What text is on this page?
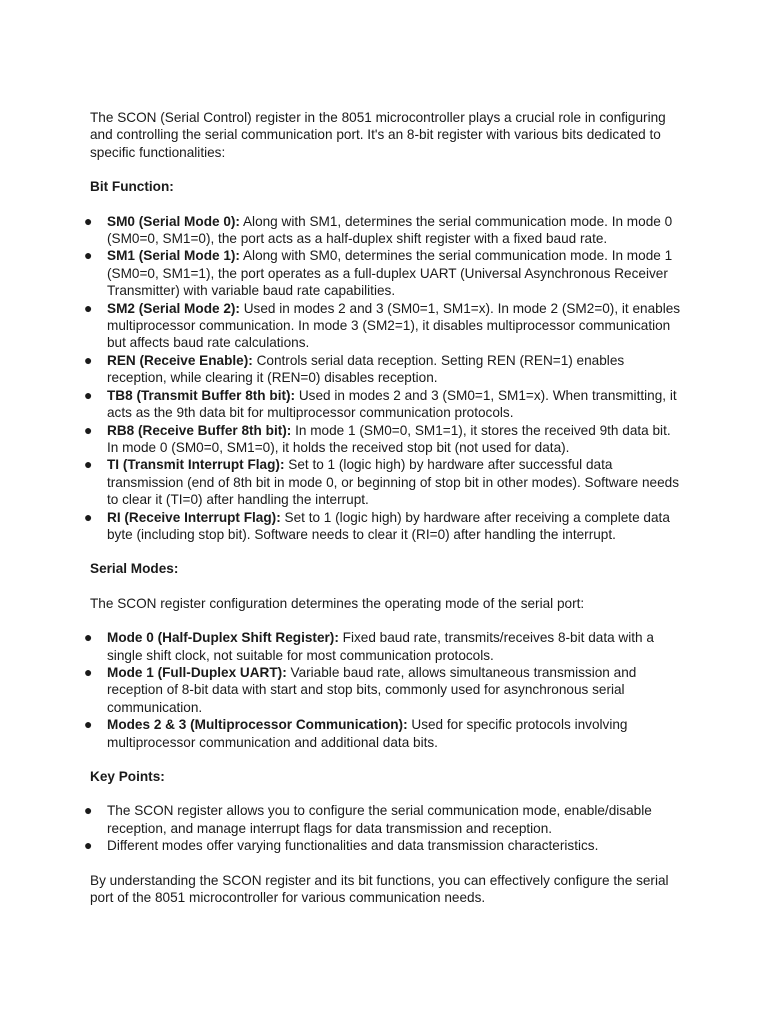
The SCON (Serial Control) register in the 8051 microcontroller plays a crucial role in configuring and controlling the serial communication port. It's an 8-bit register with various bits dedicated to specific functionalities:

Bit Function:

● SM0 (Serial Mode 0): Along with SM1, determines the serial communication mode. In mode 0 (SM0=0, SM1=0), the port acts as a half-duplex shift register with a fixed baud rate.
● SM1 (Serial Mode 1): Along with SM0, determines the serial communication mode. In mode 1 (SM0=0, SM1=1), the port operates as a full-duplex UART (Universal Asynchronous Receiver Transmitter) with variable baud rate capabilities.
● SM2 (Serial Mode 2): Used in modes 2 and 3 (SM0=1, SM1=x). In mode 2 (SM2=0), it enables multiprocessor communication. In mode 3 (SM2=1), it disables multiprocessor communication but affects baud rate calculations.
● REN (Receive Enable): Controls serial data reception. Setting REN (REN=1) enables reception, while clearing it (REN=0) disables reception.
● TB8 (Transmit Buffer 8th bit): Used in modes 2 and 3 (SM0=1, SM1=x). When transmitting, it acts as the 9th data bit for multiprocessor communication protocols.
● RB8 (Receive Buffer 8th bit): In mode 1 (SM0=0, SM1=1), it stores the received 9th data bit. In mode 0 (SM0=0, SM1=0), it holds the received stop bit (not used for data).
● TI (Transmit Interrupt Flag): Set to 1 (logic high) by hardware after successful data transmission (end of 8th bit in mode 0, or beginning of stop bit in other modes). Software needs to clear it (TI=0) after handling the interrupt.
● RI (Receive Interrupt Flag): Set to 1 (logic high) by hardware after receiving a complete data byte (including stop bit). Software needs to clear it (RI=0) after handling the interrupt.

Serial Modes:

The SCON register configuration determines the operating mode of the serial port:

● Mode 0 (Half-Duplex Shift Register): Fixed baud rate, transmits/receives 8-bit data with a single shift clock, not suitable for most communication protocols.
● Mode 1 (Full-Duplex UART): Variable baud rate, allows simultaneous transmission and reception of 8-bit data with start and stop bits, commonly used for asynchronous serial communication.
● Modes 2 & 3 (Multiprocessor Communication): Used for specific protocols involving multiprocessor communication and additional data bits.

Key Points:

● The SCON register allows you to configure the serial communication mode, enable/disable reception, and manage interrupt flags for data transmission and reception.
● Different modes offer varying functionalities and data transmission characteristics.

By understanding the SCON register and its bit functions, you can effectively configure the serial port of the 8051 microcontroller for various communication needs.
